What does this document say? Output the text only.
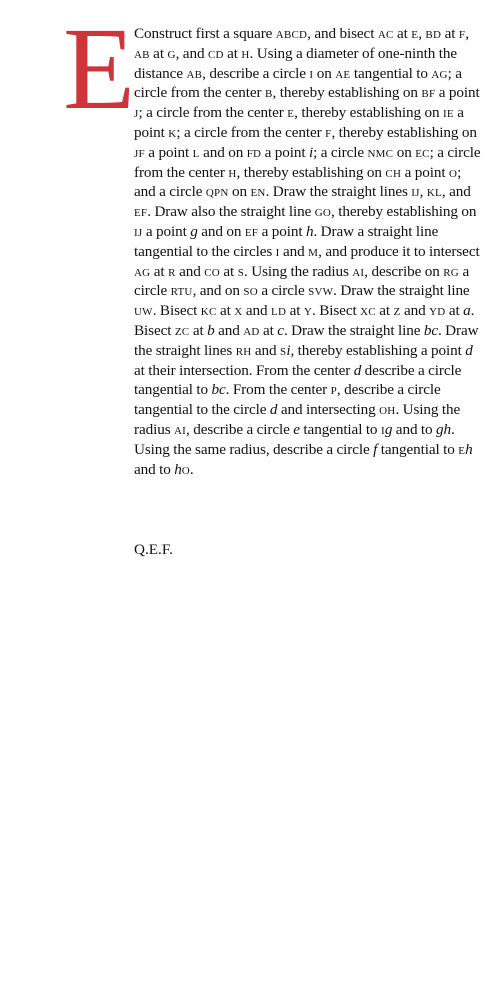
E

Construct first a square abcd, and bisect ac at e, bd at f, ab at g, and cd at h. Using a diameter of one-ninth the distance ab, describe a circle i on ae tangential to ag; a circle from the center b, thereby establishing on bf a point j; a circle from the center e, thereby establishing on ie a point k; a circle from the center f, thereby establishing on jf a point l and on fd a point i; a circle nmc on ec; a circle from the center h, thereby establishing on ch a point o; and a circle qpn on en. Draw the straight lines ij, kl, and ef. Draw also the straight line go, thereby establishing on ij a point g and on ef a point h. Draw a straight line tangential to the circles i and m, and produce it to intersect ag at r and co at s. Using the radius ai, describe on rg a circle rtu, and on so a circle svw. Draw the straight line uw. Bisect kc at x and ld at y. Bisect xc at z and yd at a. Bisect zc at b and ad at c. Draw the straight line bc. Draw the straight lines rh and si, thereby establishing a point d at their intersection. From the center d describe a circle tangential to bc. From the center p, describe a circle tangential to the circle d and intersecting oh. Using the radius ai, describe a circle e tangential to ig and to gh. Using the same radius, describe a circle f tangential to eh and to ho.

Q.E.F.
